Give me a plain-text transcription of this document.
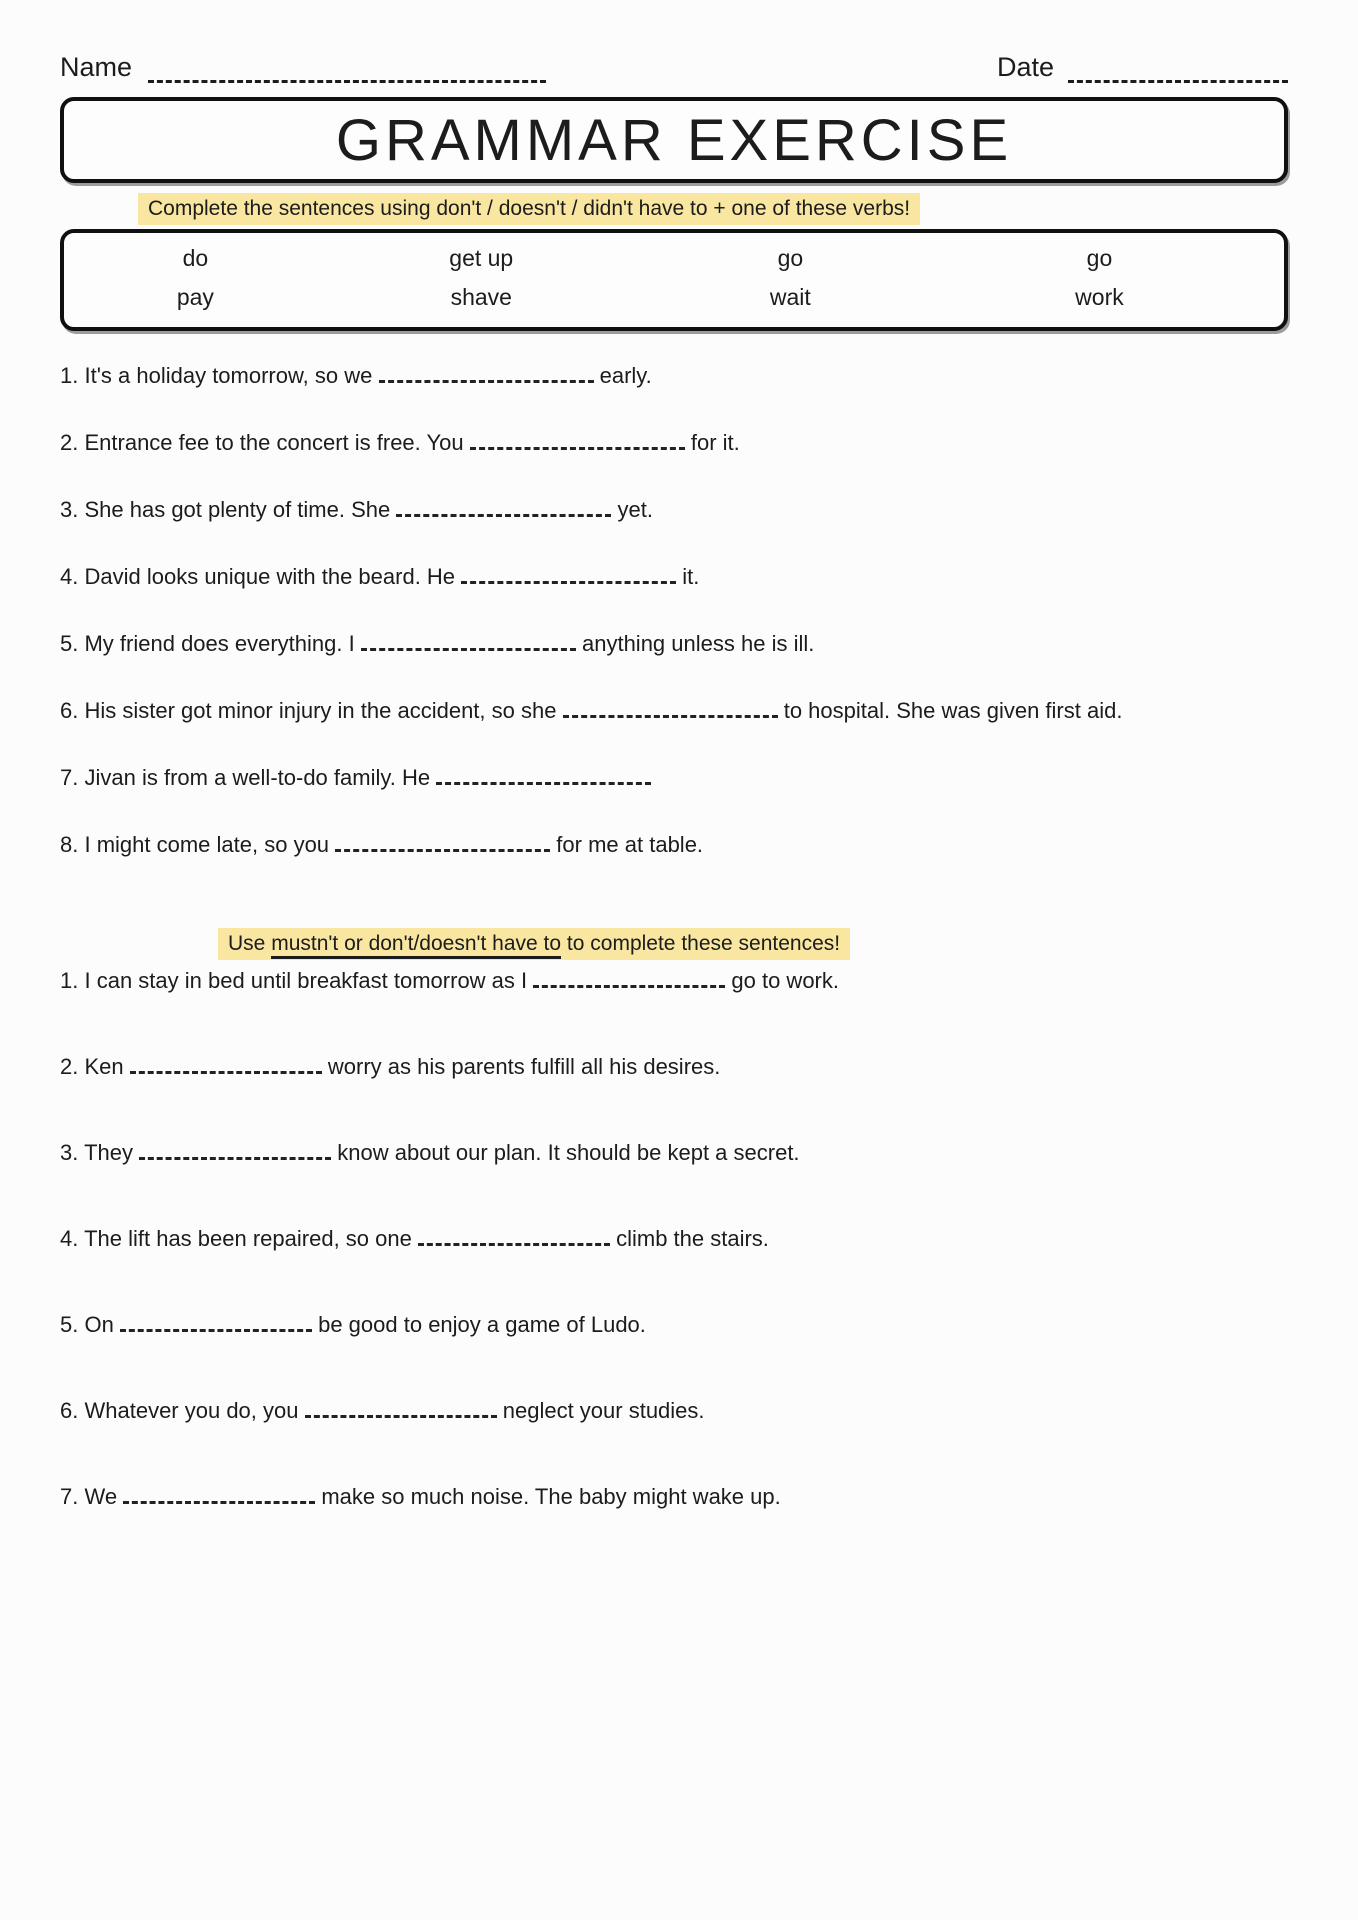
Name	Date
GRAMMAR EXERCISE
Complete the sentences using don't / doesn't / didn't have to + one of these verbs!
do	get up	go	go
pay	shave	wait	work
1. It's a holiday tomorrow, so we	early.
2. Entrance fee to the concert is free. You	for it.
3. She has got plenty of time. She	yet.
4. David looks unique with the beard. He	it.
5. My friend does everything. I	anything unless he is ill.
6. His sister got minor injury in the accident, so she	to hospital. She was given first aid.
7. Jivan is from a well-to-do family. He
8. I might come late, so you	for me at table.
Use mustn't or don't/doesn't have to to complete these sentences!
1. I can stay in bed until breakfast tomorrow as I	go to work.
2. Ken	worry as his parents fulfill all his desires.
3. They	know about our plan. It should be kept a secret.
4. The lift has been repaired, so one	climb the stairs.
5. On	be good to enjoy a game of Ludo.
6. Whatever you do, you	neglect your studies.
7. We	make so much noise. The baby might wake up.
